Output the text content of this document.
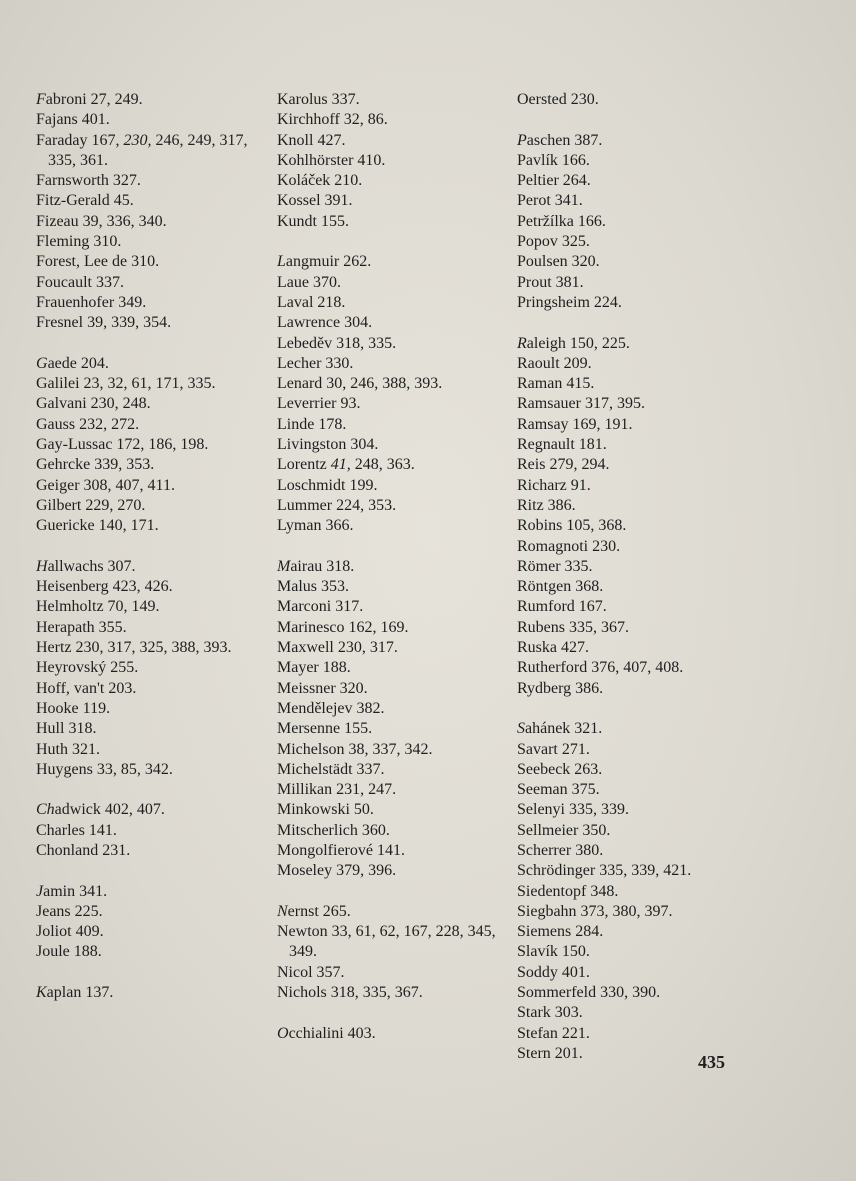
Fabroni 27, 249.
Fajans 401.
Faraday 167, 230, 246, 249, 317, 335, 361.
Farnsworth 327.
Fitz-Gerald 45.
Fizeau 39, 336, 340.
Fleming 310.
Forest, Lee de 310.
Foucault 337.
Frauenhofer 349.
Fresnel 39, 339, 354.
Gaede 204.
Galilei 23, 32, 61, 171, 335.
Galvani 230, 248.
Gauss 232, 272.
Gay-Lussac 172, 186, 198.
Gehrcke 339, 353.
Geiger 308, 407, 411.
Gilbert 229, 270.
Guericke 140, 171.
Hallwachs 307.
Heisenberg 423, 426.
Helmholtz 70, 149.
Herapath 355.
Hertz 230, 317, 325, 388, 393.
Heyrovský 255.
Hoff, van't 203.
Hooke 119.
Hull 318.
Huth 321.
Huygens 33, 85, 342.
Chadwick 402, 407.
Charles 141.
Chonland 231.
Jamin 341.
Jeans 225.
Joliot 409.
Joule 188.
Kaplan 137.
Karolus 337.
Kirchhoff 32, 86.
Knoll 427.
Kohlhörster 410.
Koláček 210.
Kossel 391.
Kundt 155.
Langmuir 262.
Laue 370.
Laval 218.
Lawrence 304.
Lebeděv 318, 335.
Lecher 330.
Lenard 30, 246, 388, 393.
Leverrier 93.
Linde 178.
Livingston 304.
Lorentz 41, 248, 363.
Loschmidt 199.
Lummer 224, 353.
Lyman 366.
Mairau 318.
Malus 353.
Marconi 317.
Marinesco 162, 169.
Maxwell 230, 317.
Mayer 188.
Meissner 320.
Mendělejev 382.
Mersenne 155.
Michelson 38, 337, 342.
Michelstädt 337.
Millikan 231, 247.
Minkowski 50.
Mitscherlich 360.
Mongolfierové 141.
Moseley 379, 396.
Nernst 265.
Newton 33, 61, 62, 167, 228, 345, 349.
Nicol 357.
Nichols 318, 335, 367.
Occhialini 403.
Oersted 230.
Paschen 387.
Pavlík 166.
Peltier 264.
Perot 341.
Petržílka 166.
Popov 325.
Poulsen 320.
Prout 381.
Pringsheim 224.
Raleigh 150, 225.
Raoult 209.
Raman 415.
Ramsauer 317, 395.
Ramsay 169, 191.
Regnault 181.
Reis 279, 294.
Richarz 91.
Ritz 386.
Robins 105, 368.
Romagnoti 230.
Römer 335.
Röntgen 368.
Rumford 167.
Rubens 335, 367.
Ruska 427.
Rutherford 376, 407, 408.
Rydberg 386.
Sahánek 321.
Savart 271.
Seebeck 263.
Seeman 375.
Selenyi 335, 339.
Sellmeier 350.
Scherrer 380.
Schrödinger 335, 339, 421.
Siedentopf 348.
Siegbahn 373, 380, 397.
Siemens 284.
Slavík 150.
Soddy 401.
Sommerfeld 330, 390.
Stark 303.
Stefan 221.
Stern 201.	435
